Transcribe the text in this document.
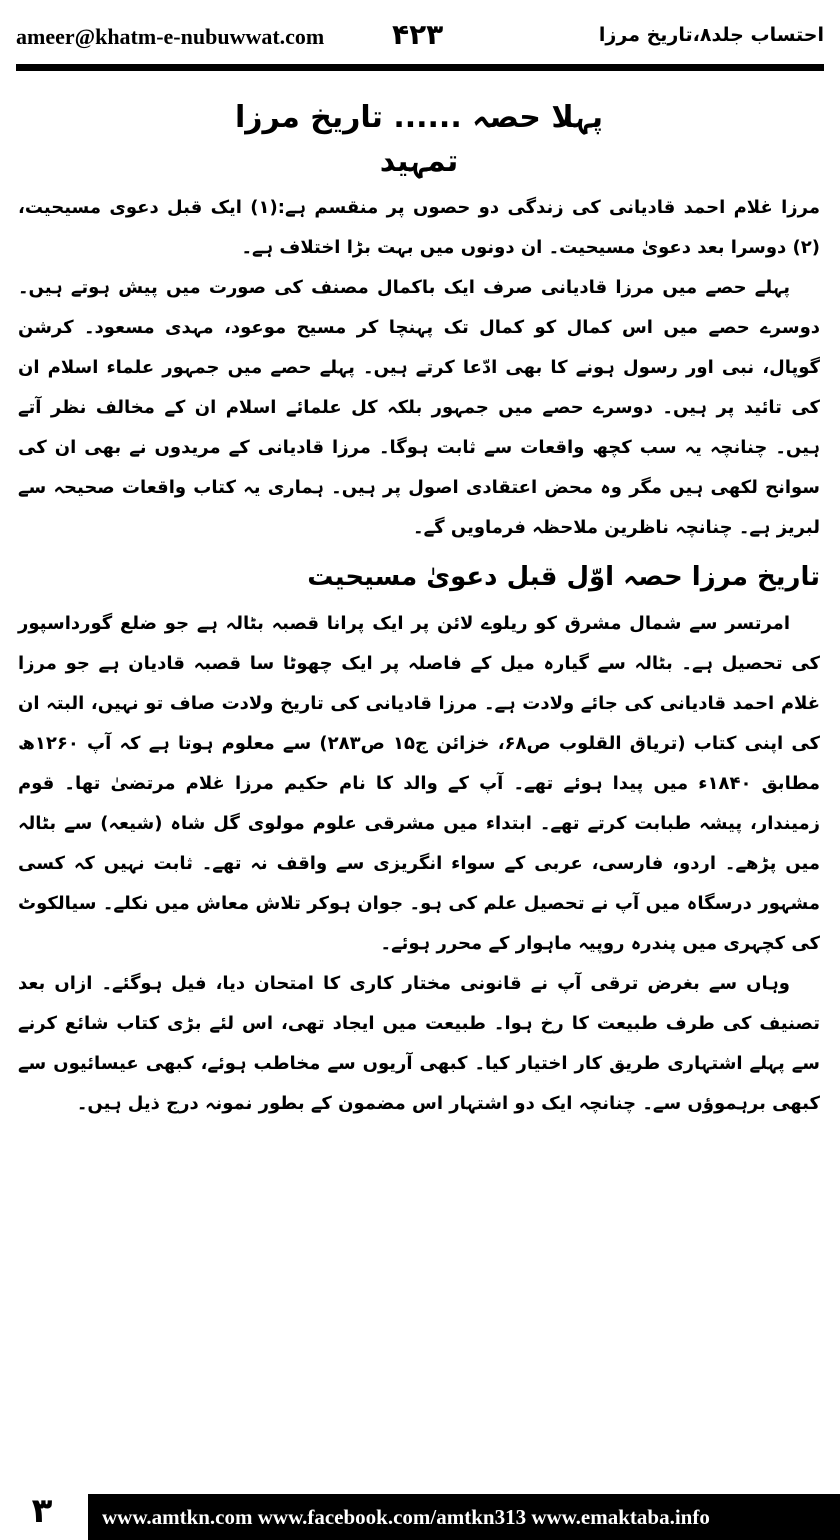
ameer@khatm-e-nubuwwat.com ۴۲۳	احتساب جلد۸،تاریخ مرزا
پہلا حصہ ...... تاریخ مرزا
تمہید

مرزا غلام احمد قادیانی کی زندگی دو حصوں پر منقسم ہے:(۱) ایک قبل دعوی مسیحیت، (۲) دوسرا بعد دعویٰ مسیحیت۔ ان دونوں میں بہت بڑا اختلاف ہے۔

پہلے حصے میں مرزا قادیانی صرف ایک باکمال مصنف کی صورت میں پیش ہوتے ہیں۔ دوسرے حصے میں اس کمال کو کمال تک پہنچا کر مسیح موعود، مہدی مسعود۔ کرشن گوپال، نبی اور رسول ہونے کا بھی ادّعا کرتے ہیں۔ پہلے حصے میں جمہور علماء اسلام ان کی تائید پر ہیں۔ دوسرے حصے میں جمہور بلکہ کل علمائے اسلام ان کے مخالف نظر آتے ہیں۔ چنانچہ یہ سب کچھ واقعات سے ثابت ہوگا۔ مرزا قادیانی کے مریدوں نے بھی ان کی سوانح لکھی ہیں مگر وہ محض اعتقادی اصول پر ہیں۔ ہماری یہ کتاب واقعات صحیحہ سے لبریز ہے۔ چنانچہ ناظرین ملاحظہ فرماویں گے۔

تاریخ مرزا حصہ اوّل قبل دعویٰ مسیحیت

امرتسر سے شمال مشرق کو ریلوے لائن پر ایک پرانا قصبہ بٹالہ ہے جو ضلع گورداسپور کی تحصیل ہے۔ بٹالہ سے گیارہ میل کے فاصلہ پر ایک چھوٹا سا قصبہ قادیان ہے جو مرزا غلام احمد قادیانی کی جائے ولادت ہے۔ مرزا قادیانی کی تاریخ ولادت صاف تو نہیں، البتہ ان کی اپنی کتاب (تریاق القلوب ص۶۸، خزائن ج۱۵ ص۲۸۳) سے معلوم ہوتا ہے کہ آپ ۱۲۶۰ھ مطابق ۱۸۴۰ء میں پیدا ہوئے تھے۔ آپ کے والد کا نام حکیم مرزا غلام مرتضیٰ تھا۔ قوم زمیندار، پیشہ طبابت کرتے تھے۔ ابتداء میں مشرقی علوم مولوی گل شاہ (شیعہ) سے بٹالہ میں پڑھے۔ اردو، فارسی، عربی کے سواء انگریزی سے واقف نہ تھے۔ ثابت نہیں کہ کسی مشہور درسگاہ میں آپ نے تحصیل علم کی ہو۔ جوان ہوکر تلاش معاش میں نکلے۔ سیالکوٹ کی کچہری میں پندرہ روپیہ ماہوار کے محرر ہوئے۔

وہاں سے بغرض ترقی آپ نے قانونی مختار کاری کا امتحان دیا، فیل ہوگئے۔ ازاں بعد تصنیف کی طرف طبیعت کا رخ ہوا۔ طبیعت میں ایجاد تھی، اس لئے بڑی کتاب شائع کرنے سے پہلے اشتہاری طریق کار اختیار کیا۔ کبھی آریوں سے مخاطب ہوئے، کبھی عیسائیوں سے کبھی برہموؤں سے۔ چنانچہ ایک دو اشتہار اس مضمون کے بطور نمونہ درج ذیل ہیں۔

۳	www.amtkn.com www.facebook.com/amtkn313 www.emaktaba.info
